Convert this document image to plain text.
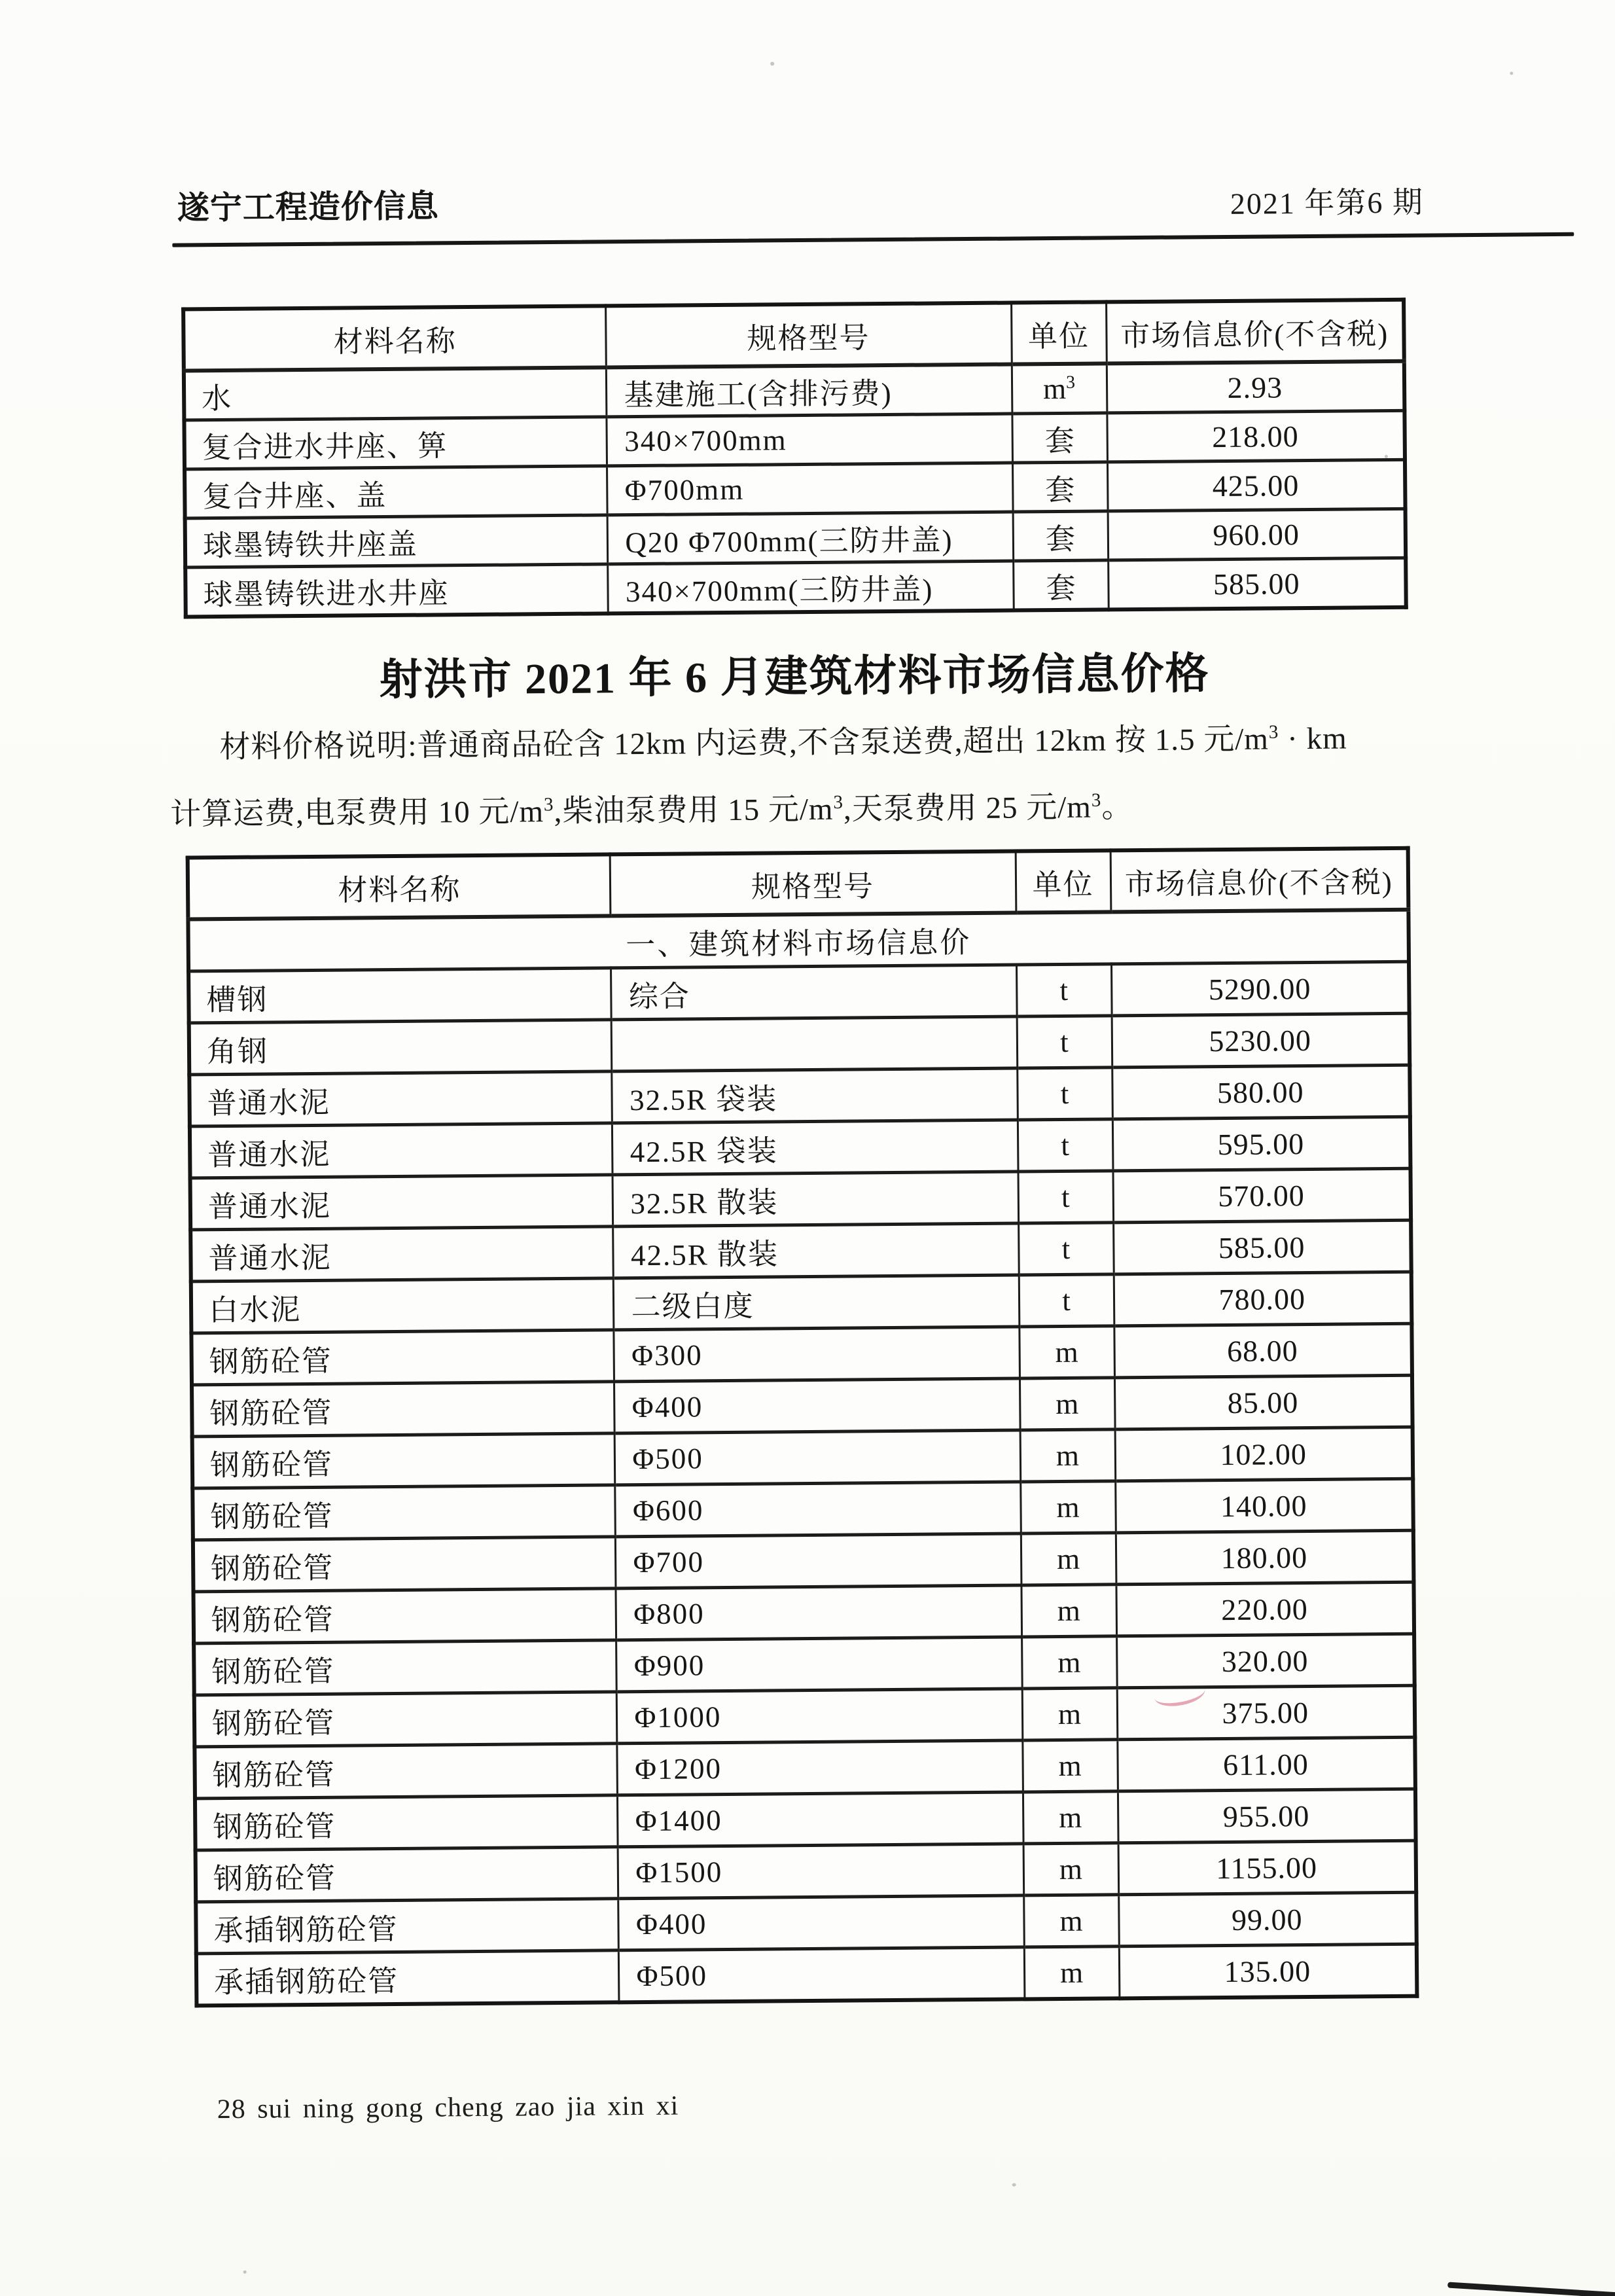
遂宁工程造价信息	2021 年第6 期
材料名称	规格型号	单位	市场信息价(不含税)
水	基建施工(含排污费)	$m^3$	2.93
复合进水井座、箅	340×700mm	套	218.00
复合井座、盖	Φ700mm	套	425.00
球墨铸铁井座盖	Q20 Φ700mm(三防井盖)	套	960.00
球墨铸铁进水井座	340×700mm(三防井盖)	套	585.00
射洪市 2021 年 6 月建筑材料市场信息价格
材料价格说明:普通商品砼含 12km 内运费,不含泵送费,超出 12km 按 1.5 元$/m^3$ · km
计算运费,电泵费用 10 元$/m^3$,柴油泵费用 15 元$/m^3$,天泵费用 25 元$/m^3$。
材料名称	规格型号	单位	市场信息价(不含税)
一、建筑材料市场信息价			
槽钢	综合	t	5290.00
角钢		t	5230.00
普通水泥	32.5R 袋装	t	580.00
普通水泥	42.5R 袋装	t	595.00
普通水泥	32.5R 散装	t	570.00
普通水泥	42.5R 散装	t	585.00
白水泥	二级白度	t	780.00
钢筋砼管	Φ300	m	68.00
钢筋砼管	Φ400	m	85.00
钢筋砼管	Φ500	m	102.00
钢筋砼管	Φ600	m	140.00
钢筋砼管	Φ700	m	180.00
钢筋砼管	Φ800	m	220.00
钢筋砼管	Φ900	m	320.00
钢筋砼管	Φ1000	m	375.00
钢筋砼管	Φ1200	m	611.00
钢筋砼管	Φ1400	m	955.00
钢筋砼管	Φ1500	m	1155.00
承插钢筋砼管	Φ400	m	99.00
承插钢筋砼管	Φ500	m	135.00
28 sui ning gong cheng zao jia xin xi
